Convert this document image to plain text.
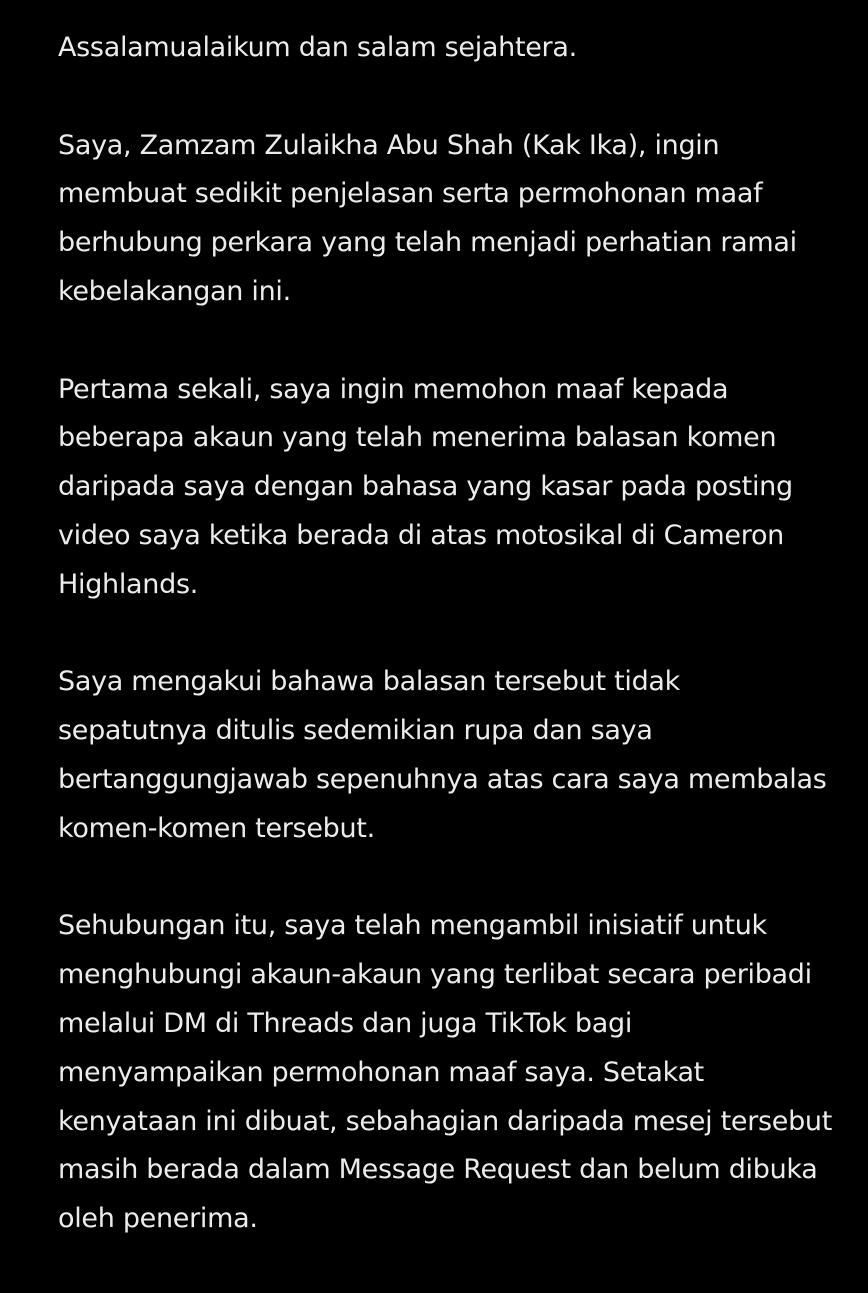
Assalamualaikum dan salam sejahtera.

Saya, Zamzam Zulaikha Abu Shah (Kak Ika), ingin
membuat sedikit penjelasan serta permohonan maaf
berhubung perkara yang telah menjadi perhatian ramai
kebelakangan ini.

Pertama sekali, saya ingin memohon maaf kepada
beberapa akaun yang telah menerima balasan komen
daripada saya dengan bahasa yang kasar pada posting
video saya ketika berada di atas motosikal di Cameron
Highlands.

Saya mengakui bahawa balasan tersebut tidak
sepatutnya ditulis sedemikian rupa dan saya
bertanggungjawab sepenuhnya atas cara saya membalas
komen-komen tersebut.

Sehubungan itu, saya telah mengambil inisiatif untuk
menghubungi akaun-akaun yang terlibat secara peribadi
melalui DM di Threads dan juga TikTok bagi
menyampaikan permohonan maaf saya. Setakat
kenyataan ini dibuat, sebahagian daripada mesej tersebut
masih berada dalam Message Request dan belum dibuka
oleh penerima.
